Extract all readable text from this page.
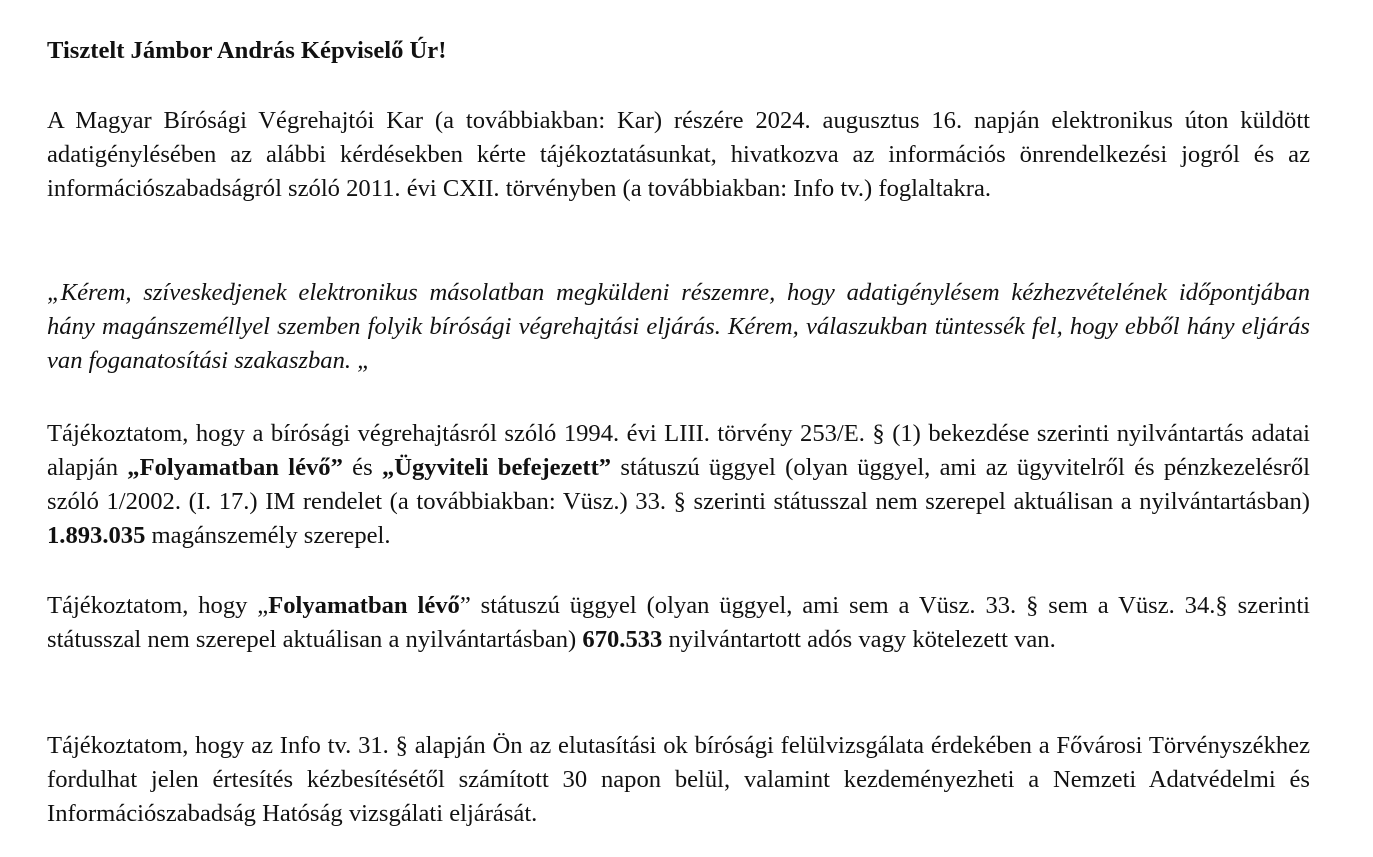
Tisztelt Jámbor András Képviselő Úr!
A Magyar Bírósági Végrehajtói Kar (a továbbiakban: Kar) részére 2024. augusztus 16. napján elektronikus úton küldött adatigénylésében az alábbi kérdésekben kérte tájékoztatásunkat, hivatkozva az információs önrendelkezési jogról és az információszabadságról szóló 2011. évi CXII. törvényben (a továbbiakban: Info tv.) foglaltakra.
„Kérem, szíveskedjenek elektronikus másolatban megküldeni részemre, hogy adatigénylésem kézhezvételének időpontjában hány magánszeméllyel szemben folyik bírósági végrehajtási eljárás. Kérem, válaszukban tüntessék fel, hogy ebből hány eljárás van foganatosítási szakaszban. „
Tájékoztatom, hogy a bírósági végrehajtásról szóló 1994. évi LIII. törvény 253/E. § (1) bekezdése szerinti nyilvántartás adatai alapján „Folyamatban lévő” és „Ügyviteli befejezett” státuszú üggyel (olyan üggyel, ami az ügyvitelről és pénzkezelésről szóló 1/2002. (I. 17.) IM rendelet (a továbbiakban: Vüsz.) 33. § szerinti státusszal nem szerepel aktuálisan a nyilvántartásban) 1.893.035 magánszemély szerepel.
Tájékoztatom, hogy „Folyamatban lévő” státuszú üggyel (olyan üggyel, ami sem a Vüsz. 33. § sem a Vüsz. 34.§ szerinti státusszal nem szerepel aktuálisan a nyilvántartásban) 670.533 nyilvántartott adós vagy kötelezett van.
Tájékoztatom, hogy az Info tv. 31. § alapján Ön az elutasítási ok bírósági felülvizsgálata érdekében a Fővárosi Törvényszékhez fordulhat jelen értesítés kézbesítésétől számított 30 napon belül, valamint kezdeményezheti a Nemzeti Adatvédelmi és Információszabadság Hatóság vizsgálati eljárását.
